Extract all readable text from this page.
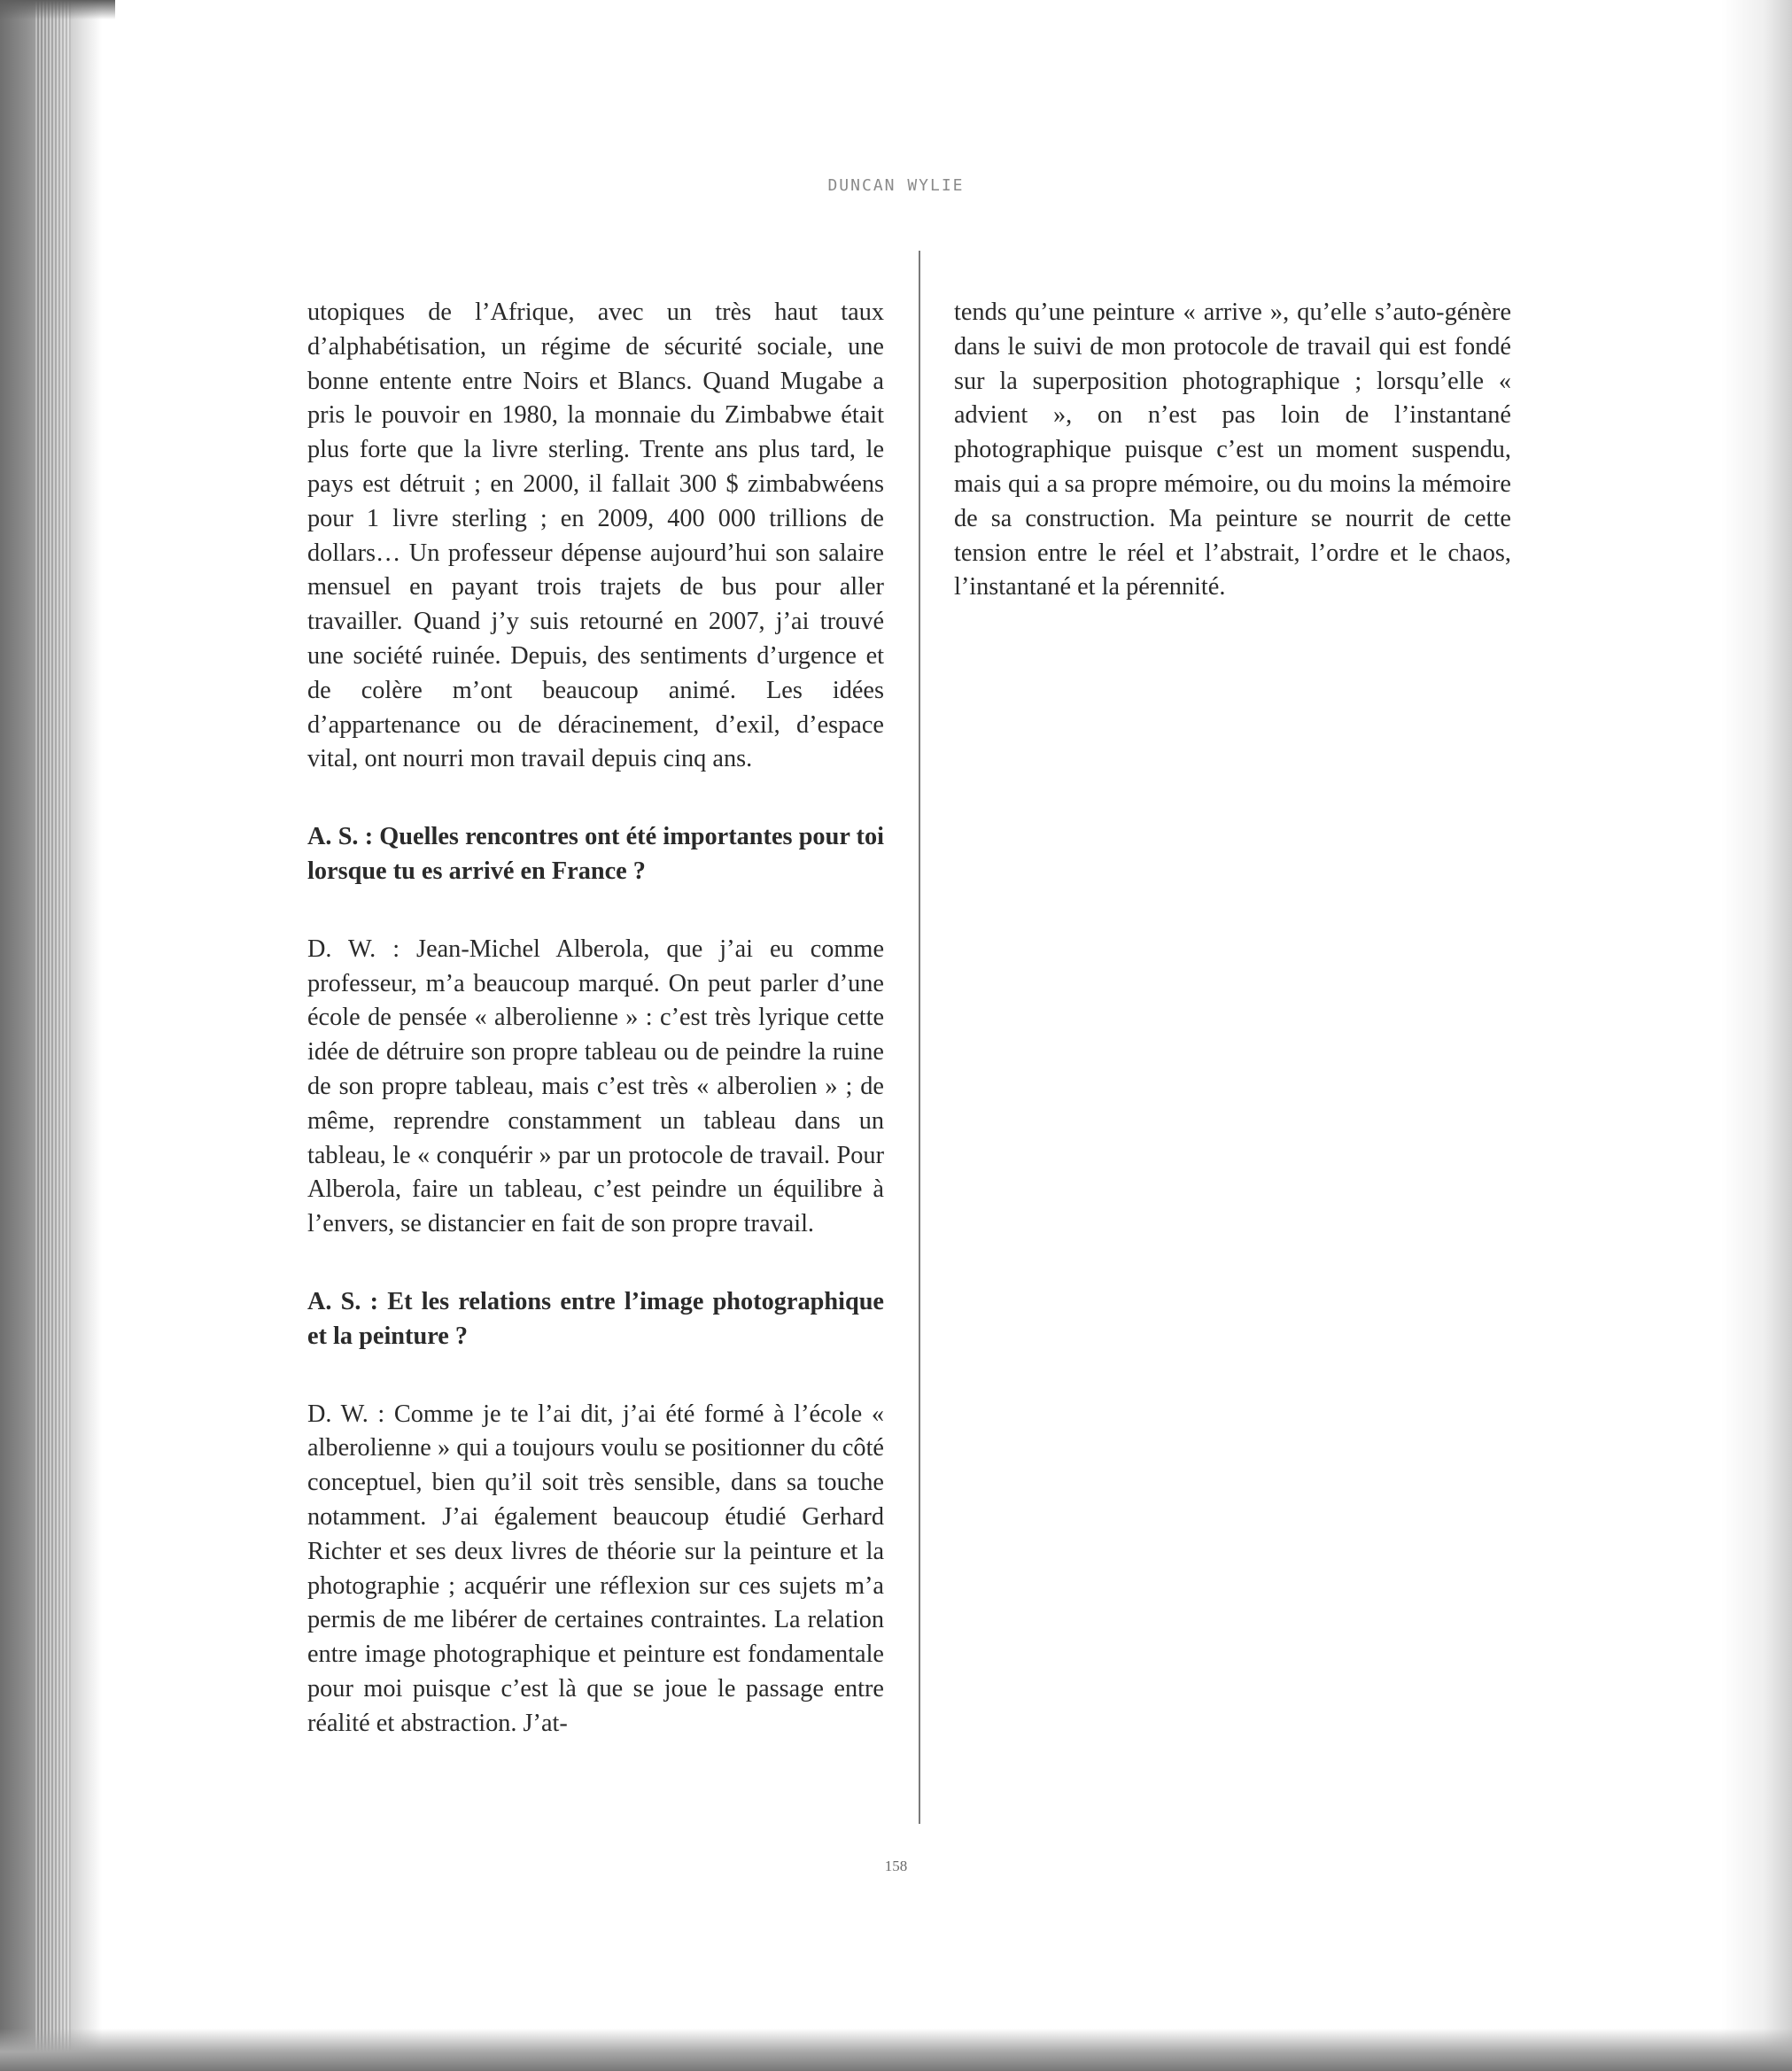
DUNCAN WYLIE

utopiques de l’Afrique, avec un très haut taux d’alphabétisation, un régime de sécurité sociale, une bonne entente entre Noirs et Blancs. Quand Mugabe a pris le pouvoir en 1980, la monnaie du Zimbabwe était plus forte que la livre sterling. Trente ans plus tard, le pays est détruit ; en 2000, il fallait 300 $ zimbabwéens pour 1 livre sterling ; en 2009, 400 000 trillions de dollars… Un professeur dépense aujourd’hui son salaire mensuel en payant trois trajets de bus pour aller travailler. Quand j’y suis retourné en 2007, j’ai trouvé une société ruinée. Depuis, des sentiments d’urgence et de colère m’ont beaucoup animé. Les idées d’appartenance ou de déracinement, d’exil, d’espace vital, ont nourri mon travail depuis cinq ans.

A. S. : Quelles rencontres ont été importantes pour toi lorsque tu es arrivé en France ?

D. W. : Jean-Michel Alberola, que j’ai eu comme professeur, m’a beaucoup marqué. On peut parler d’une école de pensée « alberolienne » : c’est très lyrique cette idée de détruire son propre tableau ou de peindre la ruine de son propre tableau, mais c’est très « alberolien » ; de même, reprendre constamment un tableau dans un tableau, le « conquérir » par un protocole de travail. Pour Alberola, faire un tableau, c’est peindre un équilibre à l’envers, se distancier en fait de son propre travail.

A. S. : Et les relations entre l’image photographique et la peinture ?

D. W. : Comme je te l’ai dit, j’ai été formé à l’école « alberolienne » qui a toujours voulu se positionner du côté conceptuel, bien qu’il soit très sensible, dans sa touche notamment. J’ai également beaucoup étudié Gerhard Richter et ses deux livres de théorie sur la peinture et la photographie ; acquérir une réflexion sur ces sujets m’a permis de me libérer de certaines contraintes. La relation entre image photographique et peinture est fondamentale pour moi puisque c’est là que se joue le passage entre réalité et abstraction. J’at-

tends qu’une peinture « arrive », qu’elle s’auto-génère dans le suivi de mon protocole de travail qui est fondé sur la superposition photographique ; lorsqu’elle « advient », on n’est pas loin de l’instantané photographique puisque c’est un moment suspendu, mais qui a sa propre mémoire, ou du moins la mémoire de sa construction. Ma peinture se nourrit de cette tension entre le réel et l’abstrait, l’ordre et le chaos, l’instantané et la pérennité.

158
